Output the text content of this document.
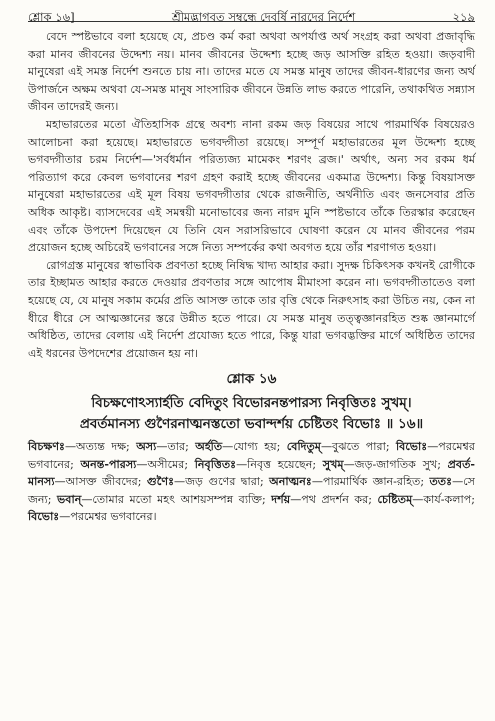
শ্লোক ১৬]	শ্রীমদ্ভাগবত সম্বন্ধে দেবর্ষি নারদের নির্দেশ	২১৯

বেদে স্পষ্টভাবে বলা হয়েছে যে, প্রচণ্ড কর্ম করা অথবা অপর্যাপ্ত অর্থ সংগ্রহ করা অথবা প্রজাবৃদ্ধি করা মানব জীবনের উদ্দেশ্য নয়। মানব জীবনের উদ্দেশ্য হচ্ছে জড় আসক্তি রহিত হওয়া। জড়বাদী মানুষেরা এই সমস্ত নির্দেশ শুনতে চায় না। তাদের মতে যে সমস্ত মানুষ তাদের জীবন-ধারণের জন্য অর্থ উপার্জনে অক্ষম অথবা যে-সমস্ত মানুষ সাংসারিক জীবনে উন্নতি লাভ করতে পারেনি, তথাকথিত সন্ন্যাস জীবন তাদেরই জন্য।

মহাভারতের মতো ঐতিহাসিক গ্রন্থে অবশ্য নানা রকম জড় বিষয়ের সাথে পারমার্থিক বিষয়েরও আলোচনা করা হয়েছে। মহাভারতে ভগবদ্গীতা রয়েছে। সম্পূর্ণ মহাভারতের মূল উদ্দেশ্য হচ্ছে ভগবদ্গীতার চরম নির্দেশ—'সর্বধর্মান পরিত্যজ্য মামেকং শরণং ব্রজ।' অর্থাৎ, অন্য সব রকম ধর্ম পরিত্যাগ করে কেবল ভগবানের শরণ গ্রহণ করাই হচ্ছে জীবনের একমাত্র উদ্দেশ্য। কিন্তু বিষয়াসক্ত মানুষেরা মহাভারতের এই মূল বিষয় ভগবদ্গীতার থেকে রাজনীতি, অর্থনীতি এবং জনসেবার প্রতি অধিক আকৃষ্ট। ব্যাসদেবের এই সমন্বয়ী মনোভাবের জন্য নারদ মুনি স্পষ্টভাবে তাঁকে তিরস্কার করেছেন এবং তাঁকে উপদেশ দিয়েছেন যে তিনি যেন সরাসরিভাবে ঘোষণা করেন যে মানব জীবনের পরম প্রয়োজন হচ্ছে অচিরেই ভগবানের সঙ্গে নিত্য সম্পর্কের কথা অবগত হয়ে তাঁর শরণাগত হওয়া।

রোগগ্রস্ত মানুষের স্বাভাবিক প্রবণতা হচ্ছে নিষিদ্ধ খাদ্য আহার করা। সুদক্ষ চিকিৎসক কখনই রোগীকে তার ইচ্ছামত আহার করতে দেওয়ার প্রবণতার সঙ্গে আপোষ মীমাংসা করেন না। ভগবদ্গীতাতেও বলা হয়েছে যে, যে মানুষ সকাম কর্মের প্রতি আসক্ত তাকে তার বৃত্তি থেকে নিরুৎসাহ করা উচিত নয়, কেন না ধীরে ধীরে সে আত্মজ্ঞানের স্তরে উন্নীত হতে পারে। যে সমস্ত মানুষ তত্ত্বজ্ঞানরহিত শুষ্ক জ্ঞানমার্গে অধিষ্ঠিত, তাদের বেলায় এই নির্দেশ প্রযোজ্য হতে পারে, কিন্তু যারা ভগবদ্ভক্তির মার্গে অধিষ্ঠিত তাদের এই ধরনের উপদেশের প্রয়োজন হয় না।

শ্লোক ১৬
বিচক্ষণোঽস্যার্হতি বেদিতুং বিভোরনন্তপারস্য নিবৃত্তিতঃ সুখম্।
প্রবর্তমানস্য গুণৈরনাত্মনস্ততো ভবান্দর্শয় চেষ্টিতং বিভোঃ ॥ ১৬॥
বিচক্ষণঃ—অত্যন্ত দক্ষ; অস্য—তার; অর্হতি—যোগ্য হয়; বেদিতুম্—বুঝতে পারা; বিভোঃ—পরমেশ্বর ভগবানের; অনন্ত-পারস্য—অসীমের; নিবৃত্তিতঃ—নিবৃত্ত হয়েছেন; সুখম্—জড়-জাগতিক সুখ; প্রবর্ত-মানস্য—আসক্ত জীবদের; গুণৈঃ—জড় গুণের দ্বারা; অনাত্মনঃ—পারমার্থিক জ্ঞান-রহিত; ততঃ—সে জন্য; ভবান্—তোমার মতো মহৎ আশয়সম্পন্ন ব্যক্তি; দর্শয়—পথ প্রদর্শন কর; চেষ্টিতম্—কার্য-কলাপ; বিভোঃ—পরমেশ্বর ভগবানের।
